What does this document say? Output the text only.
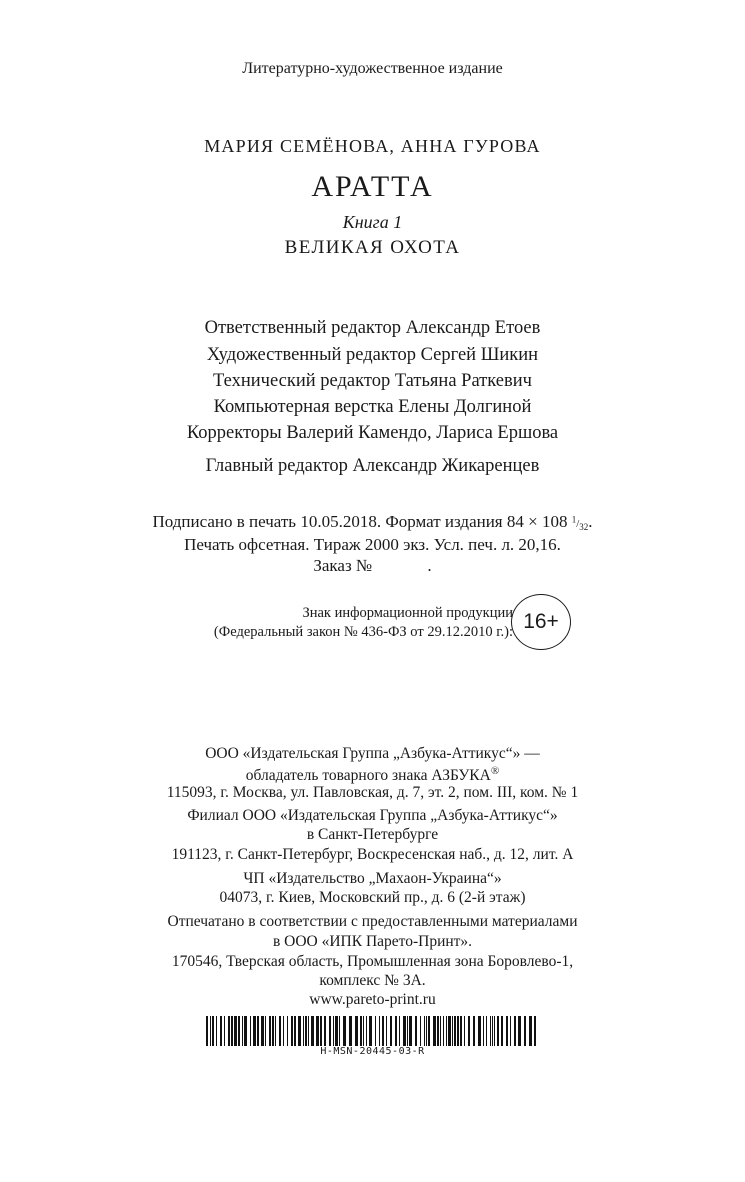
Литературно-художественное издание
МАРИЯ СЕМЁНОВА, АННА ГУРОВА
АРАТТА
Книга 1
ВЕЛИКАЯ ОХОТА
Ответственный редактор Александр Етоев
Художественный редактор Сергей Шикин
Технический редактор Татьяна Раткевич
Компьютерная верстка Елены Долгиной
Корректоры Валерий Камендо, Лариса Ершова
Главный редактор Александр Жикаренцев
Подписано в печать 10.05.2018. Формат издания 84 × 108 $^1/_{32}$.
Печать офсетная. Тираж 2000 экз. Усл. печ. л. 20,16.
Заказ №             .
Знак информационной продукции
(Федеральный закон № 436-ФЗ от 29.12.2010 г.): 16+
ООО «Издательская Группа „Азбука-Аттикус“» —
обладатель товарного знака АЗБУКА®
115093, г. Москва, ул. Павловская, д. 7, эт. 2, пом. III, ком. № 1
Филиал ООО «Издательская Группа „Азбука-Аттикус“»
в Санкт-Петербурге
191123, г. Санкт-Петербург, Воскресенская наб., д. 12, лит. А
ЧП «Издательство „Махаон-Украина“»
04073, г. Киев, Московский пр., д. 6 (2-й этаж)
Отпечатано в соответствии с предоставленными материалами
в ООО «ИПК Парето-Принт».
170546, Тверская область, Промышленная зона Боровлево-1,
комплекс № 3А.
www.pareto-print.ru
H-MSN-20445-03-R
